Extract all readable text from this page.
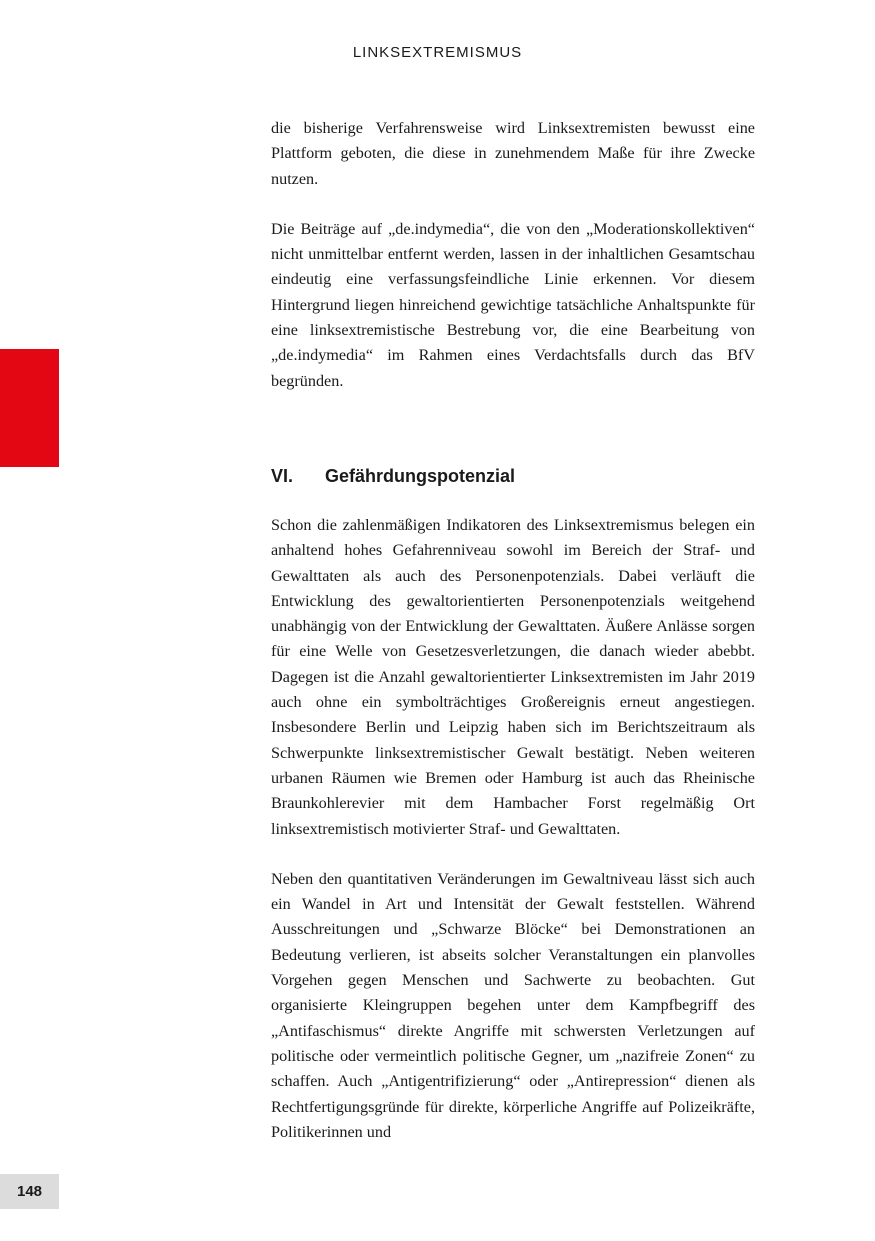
LINKSEXTREMISMUS

die bisherige Verfahrensweise wird Linksextremisten bewusst eine Plattform geboten, die diese in zunehmendem Maße für ihre Zwecke nutzen.

Die Beiträge auf „de.indymedia“, die von den „Moderationskollektiven“ nicht unmittelbar entfernt werden, lassen in der inhaltlichen Gesamtschau eindeutig eine verfassungsfeindliche Linie erkennen. Vor diesem Hintergrund liegen hinreichend gewichtige tatsächliche Anhaltspunkte für eine linksextremistische Bestrebung vor, die eine Bearbeitung von „de.indymedia“ im Rahmen eines Verdachtsfalls durch das BfV begründen.

VI.	Gefährdungspotenzial

Schon die zahlenmäßigen Indikatoren des Linksextremismus belegen ein anhaltend hohes Gefahrenniveau sowohl im Bereich der Straf- und Gewalttaten als auch des Personenpotenzials. Dabei verläuft die Entwicklung des gewaltorientierten Personenpotenzials weitgehend unabhängig von der Entwicklung der Gewalttaten. Äußere Anlässe sorgen für eine Welle von Gesetzesverletzungen, die danach wieder abebbt. Dagegen ist die Anzahl gewaltorientierter Linksextremisten im Jahr 2019 auch ohne ein symbolträchtiges Großereignis erneut angestiegen. Insbesondere Berlin und Leipzig haben sich im Berichtszeitraum als Schwerpunkte linksextremistischer Gewalt bestätigt. Neben weiteren urbanen Räumen wie Bremen oder Hamburg ist auch das Rheinische Braunkohlerevier mit dem Hambacher Forst regelmäßig Ort linksextremistisch motivierter Straf- und Gewalttaten.

Neben den quantitativen Veränderungen im Gewaltniveau lässt sich auch ein Wandel in Art und Intensität der Gewalt feststellen. Während Ausschreitungen und „Schwarze Blöcke“ bei Demonstrationen an Bedeutung verlieren, ist abseits solcher Veranstaltungen ein planvolles Vorgehen gegen Menschen und Sachwerte zu beobachten. Gut organisierte Kleingruppen begehen unter dem Kampfbegriff des „Antifaschismus“ direkte Angriffe mit schwersten Verletzungen auf politische oder vermeintlich politische Gegner, um „nazifreie Zonen“ zu schaffen. Auch „Antigentrifizierung“ oder „Antirepression“ dienen als Rechtfertigungsgründe für direkte, körperliche Angriffe auf Polizeikräfte, Politikerinnen und

148
